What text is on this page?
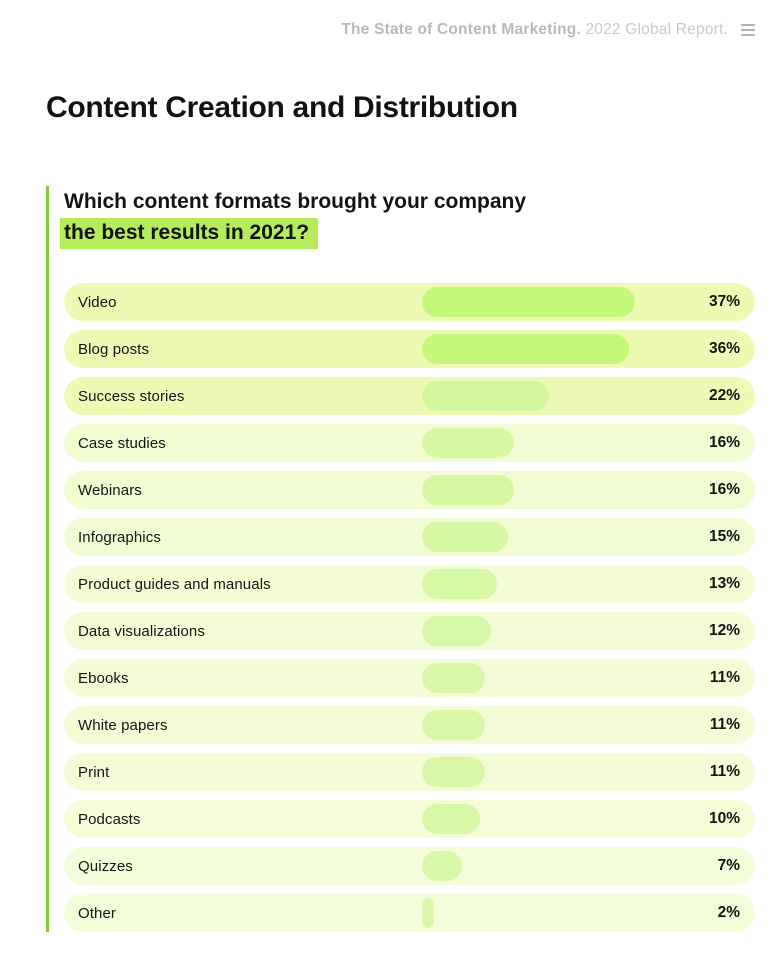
The State of Content Marketing. 2022 Global Report.
Content Creation and Distribution
Which content formats brought your company
the best results in 2021?
Video	37%
Blog posts	36%
Success stories	22%
Case studies	16%
Webinars	16%
Infographics	15%
Product guides and manuals	13%
Data visualizations	12%
Ebooks	11%
White papers	11%
Print	11%
Podcasts	10%
Quizzes	7%
Other	2%
